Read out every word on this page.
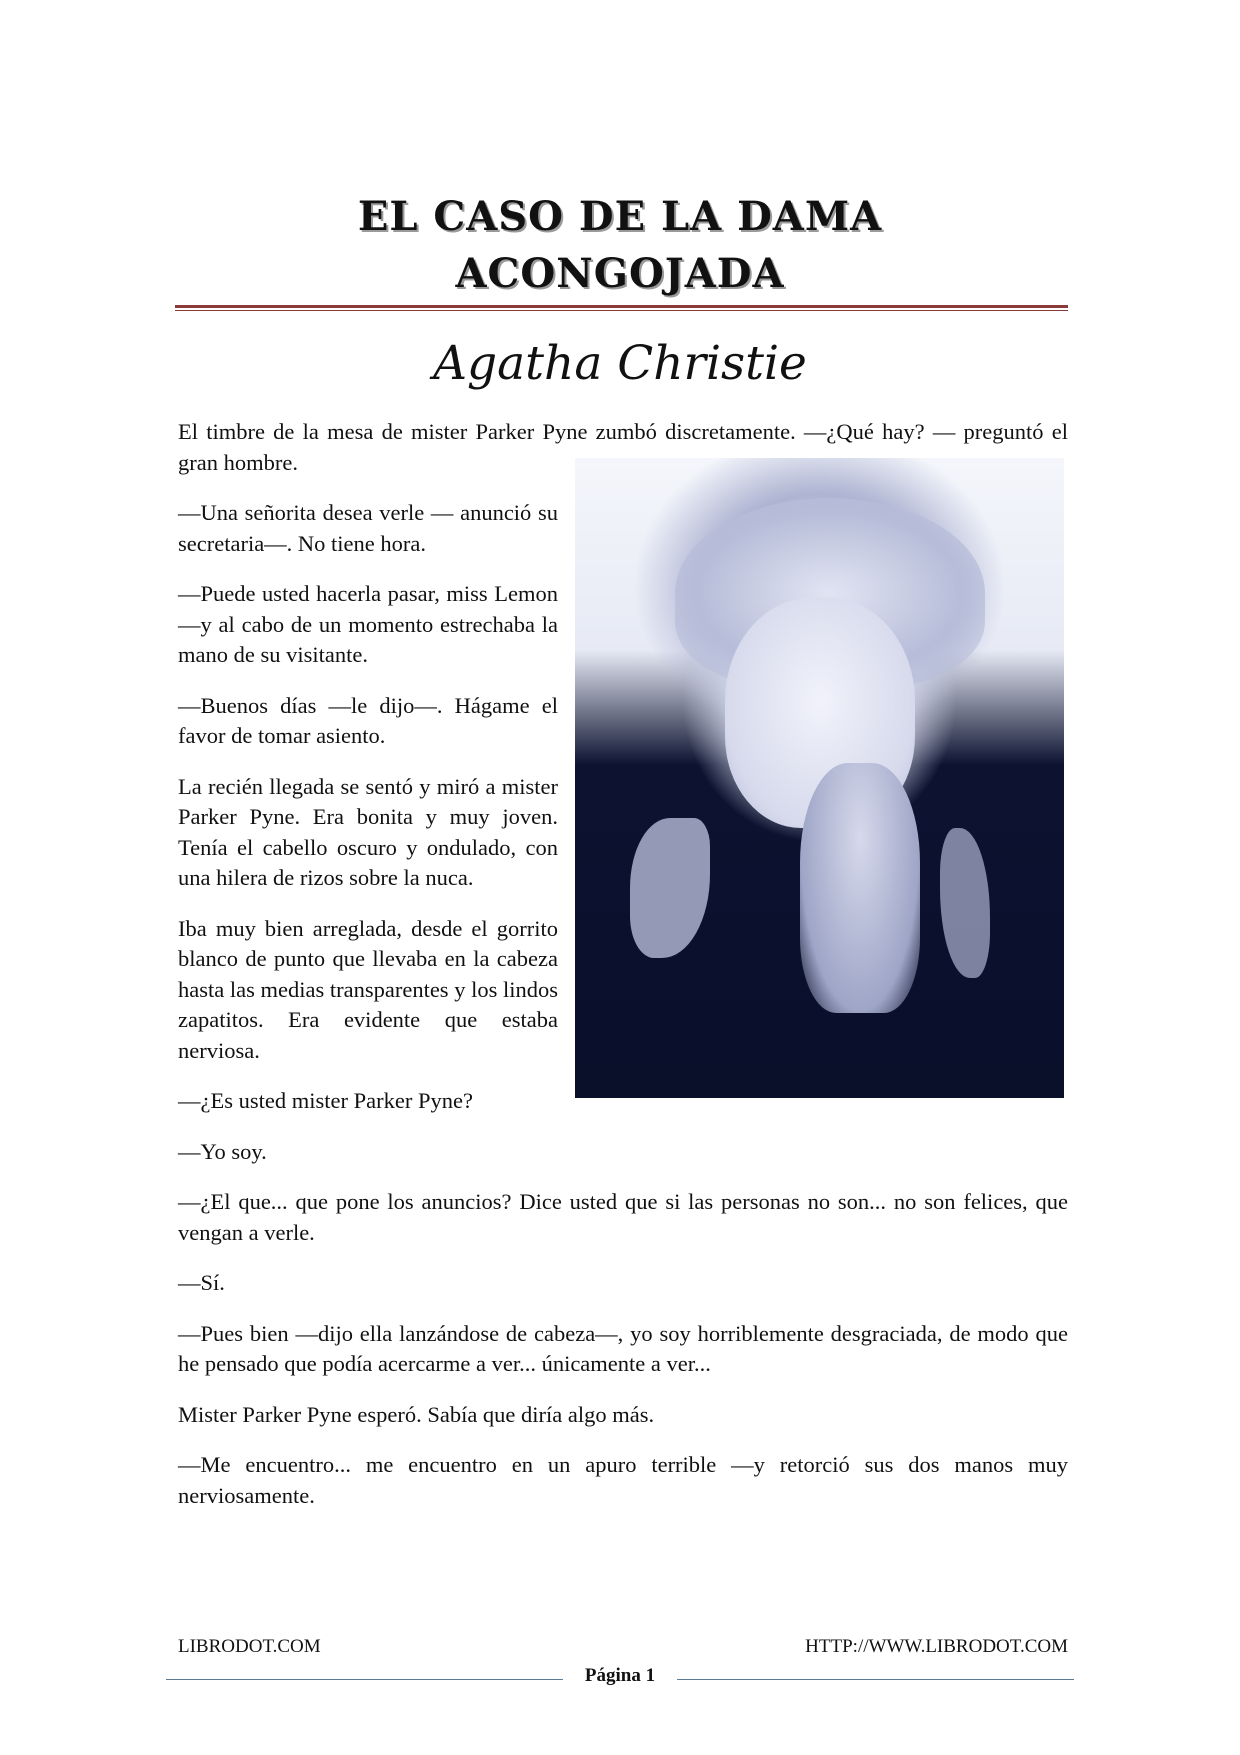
EL CASO DE LA DAMA
ACONGOJADA
Agatha Christie

El timbre de la mesa de mister Parker Pyne zumbó discretamente. —¿Qué hay? — preguntó el gran hombre.

—Una señorita desea verle — anunció su secretaria—. No tiene hora.

—Puede usted hacerla pasar, miss Lemon —y al cabo de un momento estrechaba la mano de su visitante.

—Buenos días —le dijo—. Hágame el favor de tomar asiento.

La recién llegada se sentó y miró a mister Parker Pyne. Era bonita y muy joven. Tenía el cabello oscuro y ondulado, con una hilera de rizos sobre la nuca.

Iba muy bien arreglada, desde el gorrito blanco de punto que llevaba en la cabeza hasta las medias transparentes y los lindos zapatitos. Era evidente que estaba nerviosa.

—¿Es usted mister Parker Pyne?

—Yo soy.

—¿El que... que pone los anuncios? Dice usted que si las personas no son... no son felices, que vengan a verle.

—Sí.

—Pues bien —dijo ella lanzándose de cabeza—, yo soy horriblemente desgraciada, de modo que he pensado que podía acercarme a ver... únicamente a ver...

Mister Parker Pyne esperó. Sabía que diría algo más.

—Me encuentro... me encuentro en un apuro terrible —y retorció sus dos manos muy nerviosamente.

LIBRODOT.COM	HTTP://WWW.LIBRODOT.COM
Página 1
